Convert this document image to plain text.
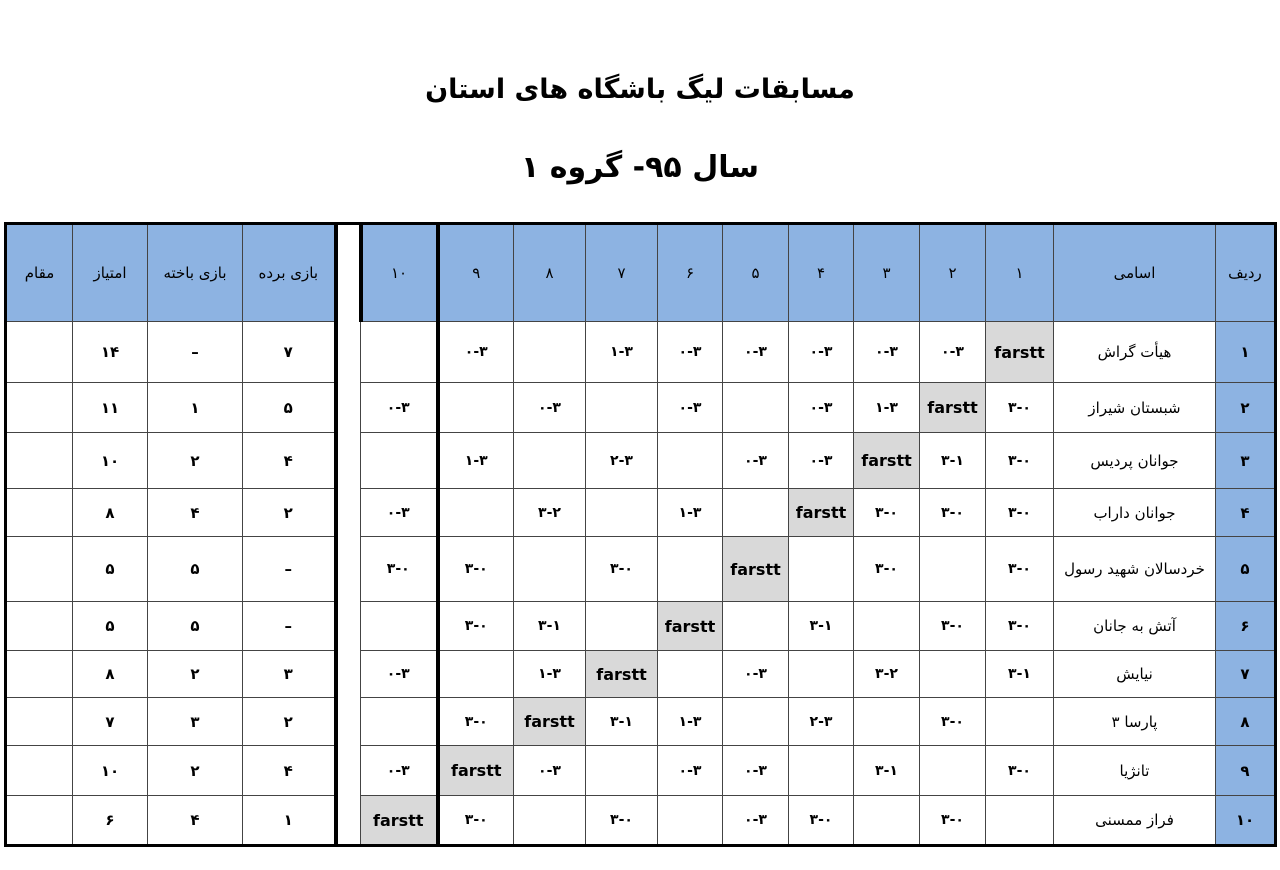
مسابقات لیگ باشگاه های استان
سال ۹۵- گروه ۱
مقام	امتیاز	بازی باخته	بازی برده		۱۰	۹	۸	۷	۶	۵	۴	۳	۲	۱	اسامی	ردیف
	۱۴	–	۷			۰-۳		۱-۳	۰-۳	۰-۳	۰-۳	۰-۳	۰-۳	farstt	هیأت گراش	۱
	۱۱	۱	۵		۰-۳		۰-۳		۰-۳		۰-۳	۱-۳	farstt	۳-۰	شبستان شیراز	۲
	۱۰	۲	۴			۱-۳		۲-۳		۰-۳	۰-۳	farstt	۳-۱	۳-۰	جوانان پردیس	۳
	۸	۴	۲		۰-۳		۳-۲		۱-۳		farstt	۳-۰	۳-۰	۳-۰	جوانان داراب	۴
	۵	۵	–		۳-۰	۳-۰		۳-۰		farstt		۳-۰		۳-۰	خردسالان شهید رسول	۵
	۵	۵	–			۳-۰	۳-۱		farstt		۳-۱		۳-۰	۳-۰	آتش به جانان	۶
	۸	۲	۳		۰-۳		۱-۳	farstt		۰-۳		۳-۲		۳-۱	نیایش	۷
	۷	۳	۲			۳-۰	farstt	۳-۱	۱-۳		۲-۳		۳-۰		پارسا ۳	۸
	۱۰	۲	۴		۰-۳	farstt	۰-۳		۰-۳	۰-۳		۳-۱		۳-۰	تانژیا	۹
	۶	۴	۱		farstt	۳-۰		۳-۰		۰-۳	۳-۰		۳-۰		فراز ممسنی	۱۰
